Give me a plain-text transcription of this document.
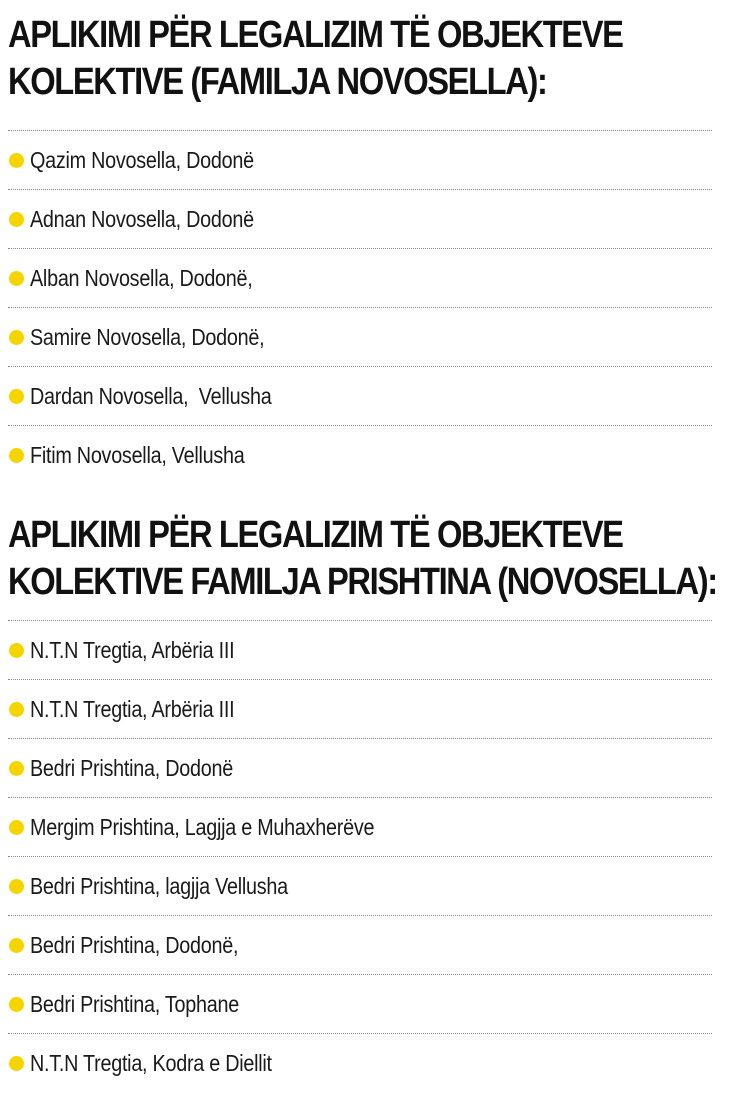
APLIKIMI PËR LEGALIZIM TË OBJEKTEVE
KOLEKTIVE (FAMILJA NOVOSELLA):
Qazim Novosella, Dodonë
Adnan Novosella, Dodonë
Alban Novosella, Dodonë,
Samire Novosella, Dodonë,
Dardan Novosella,  Vellusha
Fitim Novosella, Vellusha
APLIKIMI PËR LEGALIZIM TË OBJEKTEVE
KOLEKTIVE FAMILJA PRISHTINA (NOVOSELLA):
N.T.N Tregtia, Arbëria III
N.T.N Tregtia, Arbëria III
Bedri Prishtina, Dodonë
Mergim Prishtina, Lagjja e Muhaxherëve
Bedri Prishtina, lagjja Vellusha
Bedri Prishtina, Dodonë,
Bedri Prishtina, Tophane
N.T.N Tregtia, Kodra e Diellit
